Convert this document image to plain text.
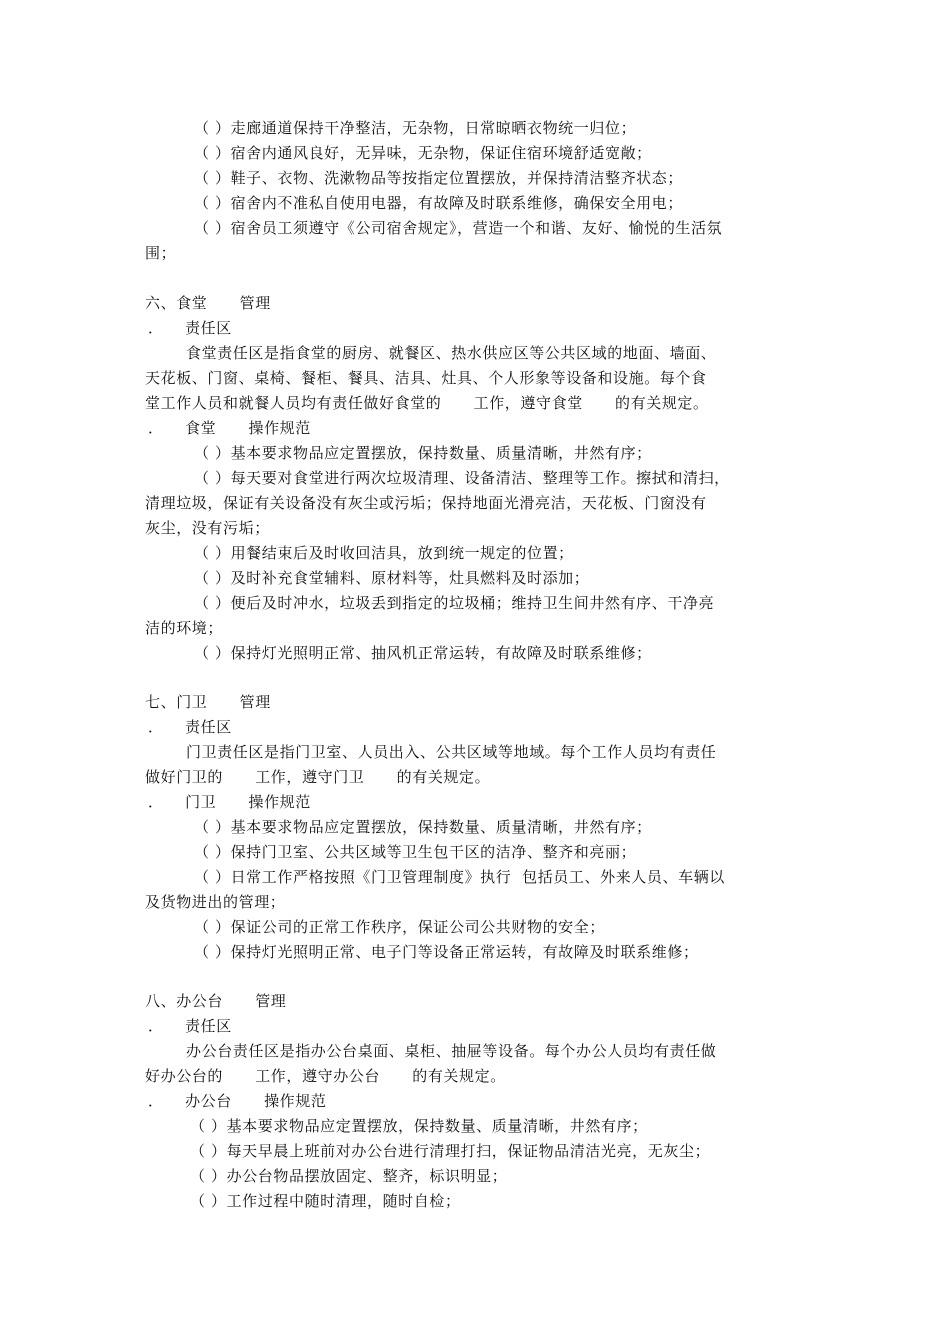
（ ）走廊通道保持干净整洁，无杂物，日常晾晒衣物统一归位；
（ ）宿舍内通风良好，无异味，无杂物，保证住宿环境舒适宽敞；
（ ）鞋子、衣物、洗漱物品等按指定位置摆放，并保持清洁整齐状态；
（ ）宿舍内不准私自使用电器，有故障及时联系维修，确保安全用电；
（ ）宿舍员工须遵守《公司宿舍规定》，营造一个和谐、友好、愉悦的生活氛
围；
六、食堂      管理
．    责任区
食堂责任区是指食堂的厨房、就餐区、热水供应区等公共区域的地面、墙面、
天花板、门窗、桌椅、餐柜、餐具、洁具、灶具、个人形象等设备和设施。每个食
堂工作人员和就餐人员均有责任做好食堂的      工作，遵守食堂      的有关规定。
．    食堂      操作规范
（ ）基本要求物品应定置摆放，保持数量、质量清晰，井然有序；
（ ）每天要对食堂进行两次垃圾清理、设备清洁、整理等工作。擦拭和清扫，
清理垃圾，保证有关设备没有灰尘或污垢；保持地面光滑亮洁，天花板、门窗没有
灰尘，没有污垢；
（ ）用餐结束后及时收回洁具，放到统一规定的位置；
（ ）及时补充食堂辅料、原材料等，灶具燃料及时添加；
（ ）便后及时冲水，垃圾丢到指定的垃圾桶；维持卫生间井然有序、干净亮
洁的环境；
（ ）保持灯光照明正常、抽风机正常运转，有故障及时联系维修；
七、门卫      管理
．    责任区
门卫责任区是指门卫室、人员出入、公共区域等地域。每个工作人员均有责任
做好门卫的      工作，遵守门卫      的有关规定。
．    门卫      操作规范
（ ）基本要求物品应定置摆放，保持数量、质量清晰，井然有序；
（ ）保持门卫室、公共区域等卫生包干区的洁净、整齐和亮丽；
（ ）日常工作严格按照《门卫管理制度》执行  包括员工、外来人员、车辆以
及货物进出的管理；
（ ）保证公司的正常工作秩序，保证公司公共财物的安全；
（ ）保持灯光照明正常、电子门等设备正常运转，有故障及时联系维修；
八、办公台      管理
．    责任区
办公台责任区是指办公台桌面、桌柜、抽屉等设备。每个办公人员均有责任做
好办公台的      工作，遵守办公台      的有关规定。
．    办公台      操作规范
（ ）基本要求物品应定置摆放，保持数量、质量清晰，井然有序；
（ ）每天早晨上班前对办公台进行清理打扫，保证物品清洁光亮，无灰尘；
（ ）办公台物品摆放固定、整齐，标识明显；
（ ）工作过程中随时清理，随时自检；
